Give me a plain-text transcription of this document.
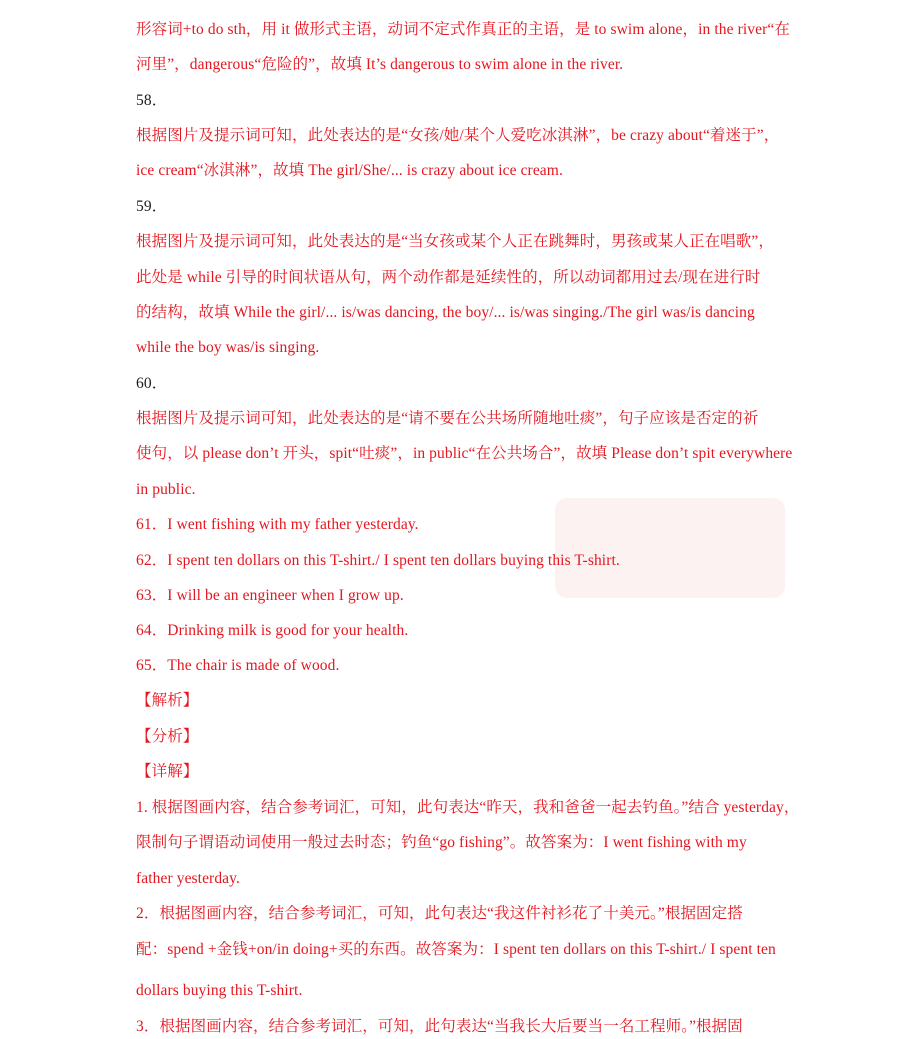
形容词+to do sth，用 it 做形式主语，动词不定式作真正的主语，是 to swim alone，in the river“在
河里”，dangerous“危险的”，故填 It’s dangerous to swim alone in the river.
58．
根据图片及提示词可知，此处表达的是“女孩/她/某个人爱吃冰淇淋”，be crazy about“着迷于”，
ice cream“冰淇淋”，故填 The girl/She/... is crazy about ice cream.
59．
根据图片及提示词可知，此处表达的是“当女孩或某个人正在跳舞时，男孩或某人正在唱歌”，
此处是 while 引导的时间状语从句，两个动作都是延续性的，所以动词都用过去/现在进行时
的结构，故填 While the girl/... is/was dancing, the boy/... is/was singing./The girl was/is dancing
while the boy was/is singing.
60．
根据图片及提示词可知，此处表达的是“请不要在公共场所随地吐痰”，句子应该是否定的祈
使句，以 please don’t 开头，spit“吐痰”，in public“在公共场合”，故填 Please don’t spit everywhere
in public.
61．I went fishing with my father yesterday.
62．I spent ten dollars on this T-shirt./ I spent ten dollars buying this T-shirt.
63．I will be an engineer when I grow up.
64．Drinking milk is good for your health.
65．The chair is made of wood.
【解析】
【分析】
【详解】
1. 根据图画内容，结合参考词汇，可知，此句表达“昨天，我和爸爸一起去钓鱼。”结合 yesterday，
限制句子谓语动词使用一般过去时态；钓鱼“go fishing”。故答案为：I went fishing with my
father yesterday.
2．根据图画内容，结合参考词汇，可知，此句表达“我这件衬衫花了十美元。”根据固定搭
配：spend +金钱+on/in doing+买的东西。故答案为：I spent ten dollars on this T-shirt./ I spent ten
dollars buying this T-shirt.
3．根据图画内容，结合参考词汇，可知，此句表达“当我长大后要当一名工程师。”根据固
